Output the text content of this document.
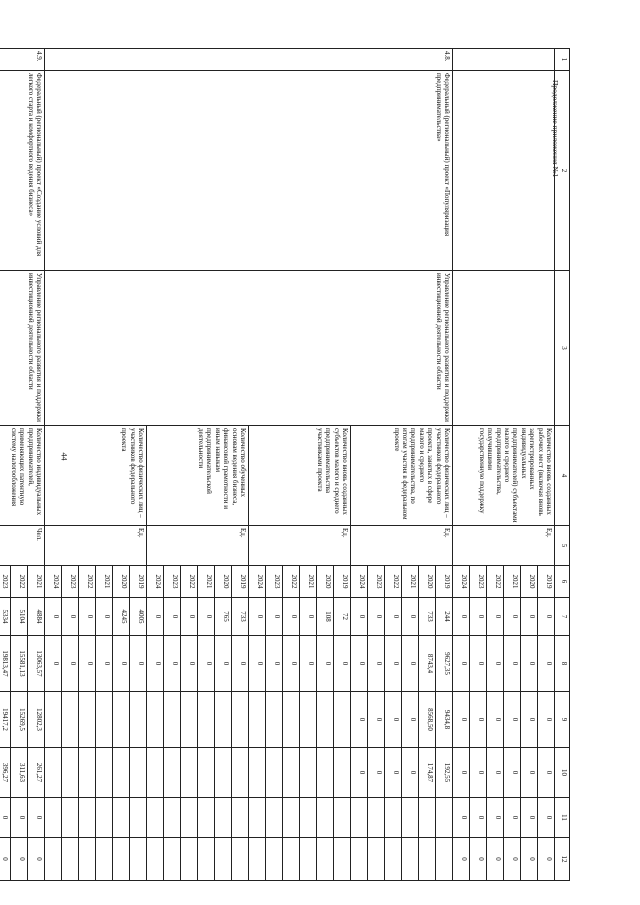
44
Продолжение приложения №1
1	2	3	4	5	6	7	8	9	10	11	12
			Количество вновь созданных рабочих мест (включая вновь зарегистрированных индивидуальных предпринимателей) субъектами малого и среднего предпринимательства, получившими государственную поддержку	Ед.	2019	0	0	0	0	0	0
					2020	0	0	0	0	0	0
					2021	0	0	0	0	0	0
					2022	0	0	0	0	0	0
					2023	0	0	0	0	0	0
					2024	0	0	0	0	0	0
4.8.	Федеральный (региональный) проект «Популяризация предпринимательства»	Управление регионального развития и поддержки инвестиционной деятельности области	Количество физических лиц – участников федерального проекта, занятых в сфере малого и среднего предпринимательства, по итогам участия в федеральном проекте	Ед.	2019	244	9627,35	9434,8	192,55		
					2020	733	8743,4	8568,50	174,87		
					2021	0	0	0	0		
					2022	0	0	0	0		
					2023	0	0	0	0		
					2024	0	0	0	0		
			Количество вновь созданных субъектов малого и среднего предпринимательства участниками проекта	Ед.	2019	72	0				
					2020	108	0				
					2021	0	0				
					2022	0	0				
					2023	0	0				
					2024	0	0				
			Количество обученных основам ведения бизнеса, финансовой грамотности и иным навыкам предпринимательской деятельности	Ед.	2019	733	0				
					2020	765	0				
					2021	0	0				
					2022	0	0				
					2023	0	0				
					2024	0	0				
			Количество физических лиц – участников федерального проекта	Ед.	2019	4005	0				
					2020	4245	0				
					2021	0	0				
					2022	0	0				
					2023	0	0				
					2024	0	0				
4.9.	Федеральный (региональный) проект «Создание условий для легкого старта и комфортного ведения бизнеса»	Управление регионального развития и поддержки инвестиционной деятельности области	Количество индивидуальных предпринимателей, применяющих патентную систему налогообложения	Чел.	2021	4884	13063,57	12802,3	261,27	0	0
					2022	5104	15581,13	15269,5	311,63	0	0
					2023	5334	19813,47	19417,2	396,27	0	0
